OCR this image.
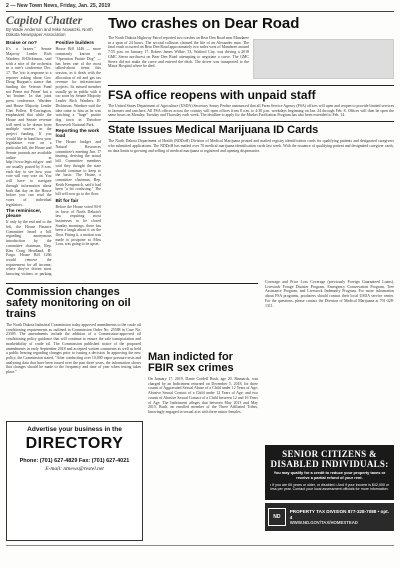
2 — New Town News, Friday, Jan. 25, 2019
Capitol Chatter
By Wade Anderson and Mike Nowatzki, North Dakota Newspaper Association
Braise or no?

It's a brazer," Senate Majority Leader Rich Wardner, R-Dickinson, said with a nice of the orchestra in a rare's conference Dec. 17. The 'trio is response to a reporter asking about Gov. Doug Burgum's stance that funding the Veteran Fund not Prime not Prime' but a 'no brainer.' In that joint press conference, Wardner and House Majority Leader Chet Pollert, R-Carrington, emphasized that while the House and Senate revenue will need to be drawn from multiple sources in the project funding. If you would like to hand how your legislature vote on a particular bill, the House and Senate journals are available online at http://www.legis.nd.gov and are usually posted by 8 a.m. each day to see how your vote will vary vote on. You will have to navigate through information about both that day on the House before you can read the votes of individual legislators.

The reminiscer, please

If only by the end and to the left, the House Finance Committee heard a bill regarding anonymous introduction by the committee chairman, Rep. Kim Craig Headland, R-Fargo. House Bill 1266 would remove the requirement for all income, where they've driven most knowing victims or parking

Positive builders

House Bill 1446 — more commonly known as "Operation Prairie Dog" — has been one of the most talked-about items this session, as it deals with the allocation of oil and gas tax revenue for infrastructure projects. Its missed member usually go in public with it too soon by Senate Majority Leader Rich Wardner, R-Dickinson. Wardner said the idea came to him as he was watching a "huge" prairie dog town in Theodore Roosevelt National Park.

Reporting the work load

The House budget and Natural Resources committee's meeting Jan. 17 hearing, deriving the actual bill. Committee members said they thought the state should continue to keep to the basic. The House, a committee chairman, Rep. Keith Kempenich, said it had been "a bit confusing." The bill will now go to the floor.

Bit for fair

Before the House voted 94-0 in favor of North Dakota's law requiring most businesses to be closed Sunday mornings, there has been a laugh about it on the floor. Fitting it, a motion was made to postpone so Miss Lora, was going to be upset.

Two crashes on Dear Road

The North Dakota Highway Patrol reported two crashes on Bear Den Road near Mandaree in a span of 24 hours. The second collision claimed the life of an Alexander man. The fatal crash occurred on Bear Den Road approximately two miles west of Mandaree around 7:55 p.m. on January 17. Robert James Wilkie, 53, Watford City, was driving a 2018 GMC Sierra northwest on Bear Den Road attempting to negotiate a curve. The GMC Sierra did not make the curve and entered the ditch. The driver was transported to the Minot Hospital where he died.

FSA office reopens with unpaid staff

The United States Department of Agriculture (USDA) Secretary Sonny Perdue announced that all Farm Service Agency (FSA) offices will open and reopen to provide limited services to farmers and ranchers. All FSA offices across the country will open offices from 8 a.m. to 4:30 p.m. weekdays beginning on Jan. 24 through Feb. 8. Offices will then be open the same hours on Monday, Tuesday and Thursday each week. The deadline to apply for the Market Facilitation Program has also been extended to Feb. 14.

State Issues Medical Marijuana ID Cards

The North Dakota Department of Health (NDDoH) Division of Medical Marijuana printed and mailed registry identification cards for qualifying patients and designated caregivers who submitted applications. The NDDoH has mailed over 70 medical marijuana identification cards last week. With the issuance of qualifying patient and designated caregiver cards, no data limits to growing and selling of medical marijuana at registered and opening dispensaries.

Commission changes safety monitoring on oil trains

The North Dakota Industrial Commission today approved amendments to the crude oil conditioning requirements as outlined in Commission Order No. 25588 in Case No. 23305. The amendments include the addition of a Commission-approved oil conditioning policy guidance that will continue to ensure the safe transportation and marketability of crude oil. The Commission published notice of the proposed amendments in early September 2018 and accepted written comments as well as held a public hearing regarding changes prior to issuing a decision. In approving the new policy, the Commission stated, "After conducting over 10,000 vapor pressure tests and analyzing data that have been issued over the past three years, the information shows that changes should be made to the frequency and time of year when testing takes place."

Man indicted for FBIR sex crimes

On January 17, 2019, Dante Cordell Bush, age 20, Bismarck, was charged by an Indictment returned on December 5, 2018, for three counts of Aggravated Sexual Abuse of a Child under 12 Years of Age; Abusive Sexual Contact of a Child under 12 Years of Age; and two counts of Abusive Sexual Contact of a Child between 12 and 16 Years of Age. The Indictment alleges that between May 2013 and May 2015, Bush, an enrolled member of the Three Affiliated Tribes, knowingly engaged in sexual acts with three minor females.

Coverage and Price Loss Coverage (previously Foreign Guaranteed Loans), Livestock Forage Disaster Program, Emergency Conservation Program, Tree Assistance Program, and Livestock Indemnity Program. For more information about FSA programs, producers should contact their local USDA service center. For the questions, please contact the Division of Medical Marijuana at 701-328-1311.

Advertise your business in the
DIRECTORY
Phone: (701) 627-4829 Fax: (701) 627-4021
E-mail: ntnews@restel.net
SENIOR CITIZENS & DISABLED INDIVIDUALS:
You may qualify for a credit to reduce your property taxes or receive a partial refund of your rent.
• If you are 65 years or older, or disabled • And if your income is $42,000 or less per year. Contact your local assessment officials for more information.
ND
PROPERTY TAX DIVISION 877-328-7088 • opt. 4
WWW.ND.GOV/TAX/HOMESTEAD
